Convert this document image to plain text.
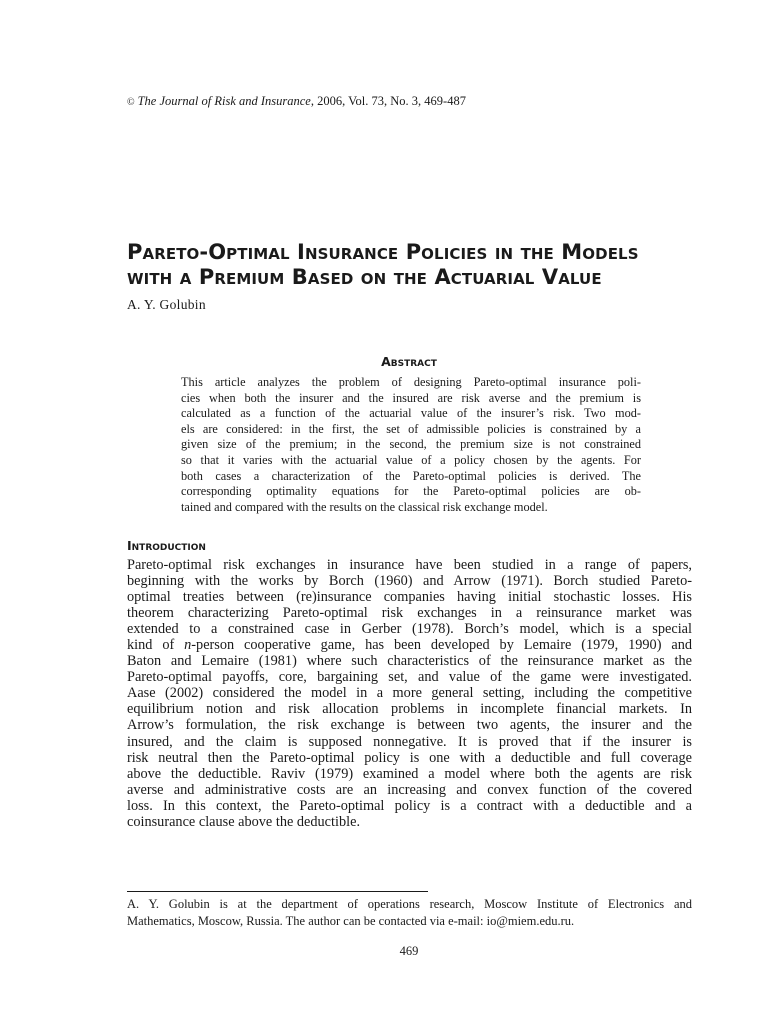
© The Journal of Risk and Insurance, 2006, Vol. 73, No. 3, 469-487
Pareto-Optimal Insurance Policies in the Models
with a Premium Based on the Actuarial Value
A. Y. Golubin
Abstract
This article analyzes the problem of designing Pareto-optimal insurance poli-
cies when both the insurer and the insured are risk averse and the premium is
calculated as a function of the actuarial value of the insurer’s risk. Two mod-
els are considered: in the first, the set of admissible policies is constrained by a
given size of the premium; in the second, the premium size is not constrained
so that it varies with the actuarial value of a policy chosen by the agents. For
both cases a characterization of the Pareto-optimal policies is derived. The
corresponding optimality equations for the Pareto-optimal policies are ob-
tained and compared with the results on the classical risk exchange model.
Introduction
Pareto-optimal risk exchanges in insurance have been studied in a range of papers,
beginning with the works by Borch (1960) and Arrow (1971). Borch studied Pareto-
optimal treaties between (re)insurance companies having initial stochastic losses. His
theorem characterizing Pareto-optimal risk exchanges in a reinsurance market was
extended to a constrained case in Gerber (1978). Borch’s model, which is a special
kind of n-person cooperative game, has been developed by Lemaire (1979, 1990) and
Baton and Lemaire (1981) where such characteristics of the reinsurance market as the
Pareto-optimal payoffs, core, bargaining set, and value of the game were investigated.
Aase (2002) considered the model in a more general setting, including the competitive
equilibrium notion and risk allocation problems in incomplete financial markets. In
Arrow’s formulation, the risk exchange is between two agents, the insurer and the
insured, and the claim is supposed nonnegative. It is proved that if the insurer is
risk neutral then the Pareto-optimal policy is one with a deductible and full coverage
above the deductible. Raviv (1979) examined a model where both the agents are risk
averse and administrative costs are an increasing and convex function of the covered
loss. In this context, the Pareto-optimal policy is a contract with a deductible and a
coinsurance clause above the deductible.
A. Y. Golubin is at the department of operations research, Moscow Institute of Electronics and
Mathematics, Moscow, Russia. The author can be contacted via e-mail: io@miem.edu.ru.
469
